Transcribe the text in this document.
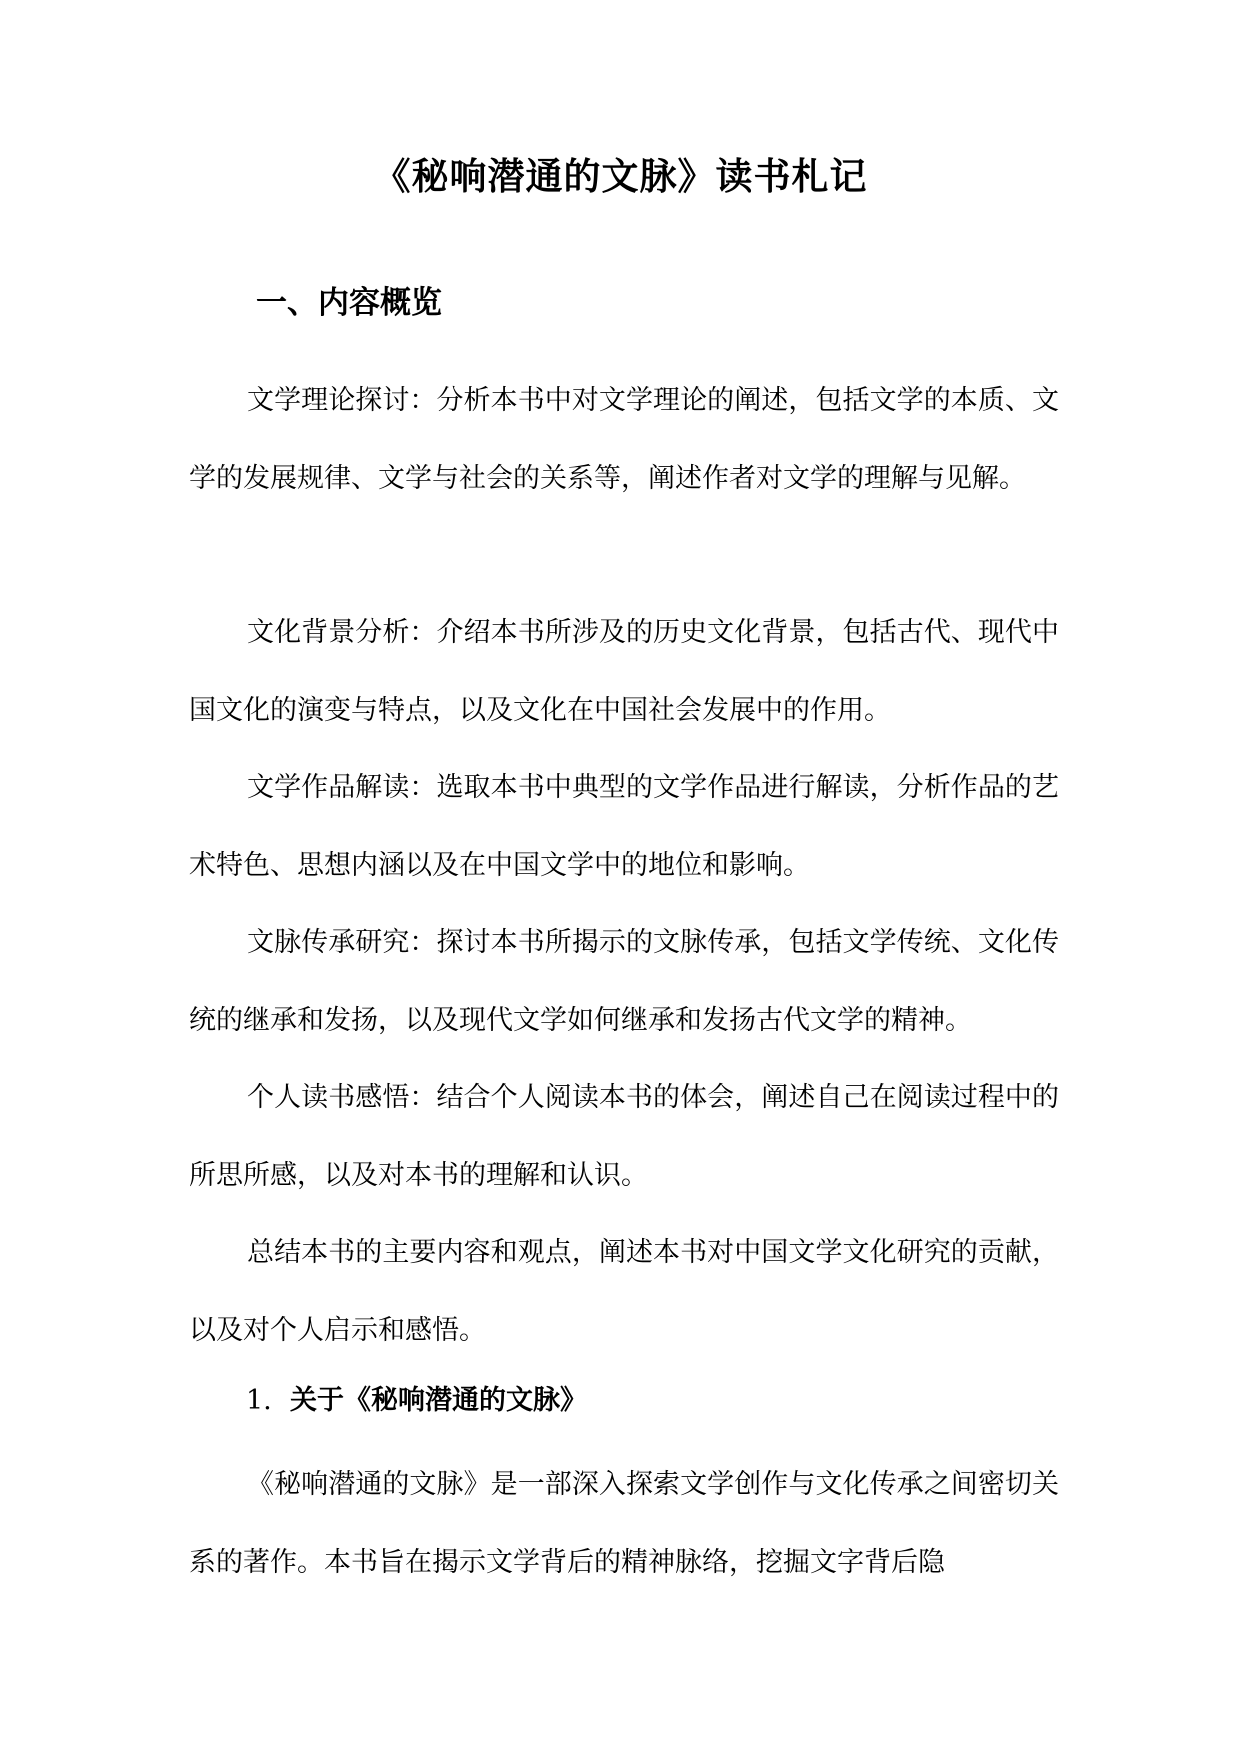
《秘响潜通的文脉》读书札记
一、内容概览

文学理论探讨：分析本书中对文学理论的阐述，包括文学的本质、文学的发展规律、文学与社会的关系等，阐述作者对文学的理解与见解。

文化背景分析：介绍本书所涉及的历史文化背景，包括古代、现代中国文化的演变与特点，以及文化在中国社会发展中的作用。

文学作品解读：选取本书中典型的文学作品进行解读，分析作品的艺术特色、思想内涵以及在中国文学中的地位和影响。

文脉传承研究：探讨本书所揭示的文脉传承，包括文学传统、文化传统的继承和发扬，以及现代文学如何继承和发扬古代文学的精神。

个人读书感悟：结合个人阅读本书的体会，阐述自己在阅读过程中的所思所感，以及对本书的理解和认识。

总结本书的主要内容和观点，阐述本书对中国文学文化研究的贡献，以及对个人启示和感悟。

1. 关于《秘响潜通的文脉》

《秘响潜通的文脉》是一部深入探索文学创作与文化传承之间密切关系的著作。本书旨在揭示文学背后的精神脉络，挖掘文字背后隐
